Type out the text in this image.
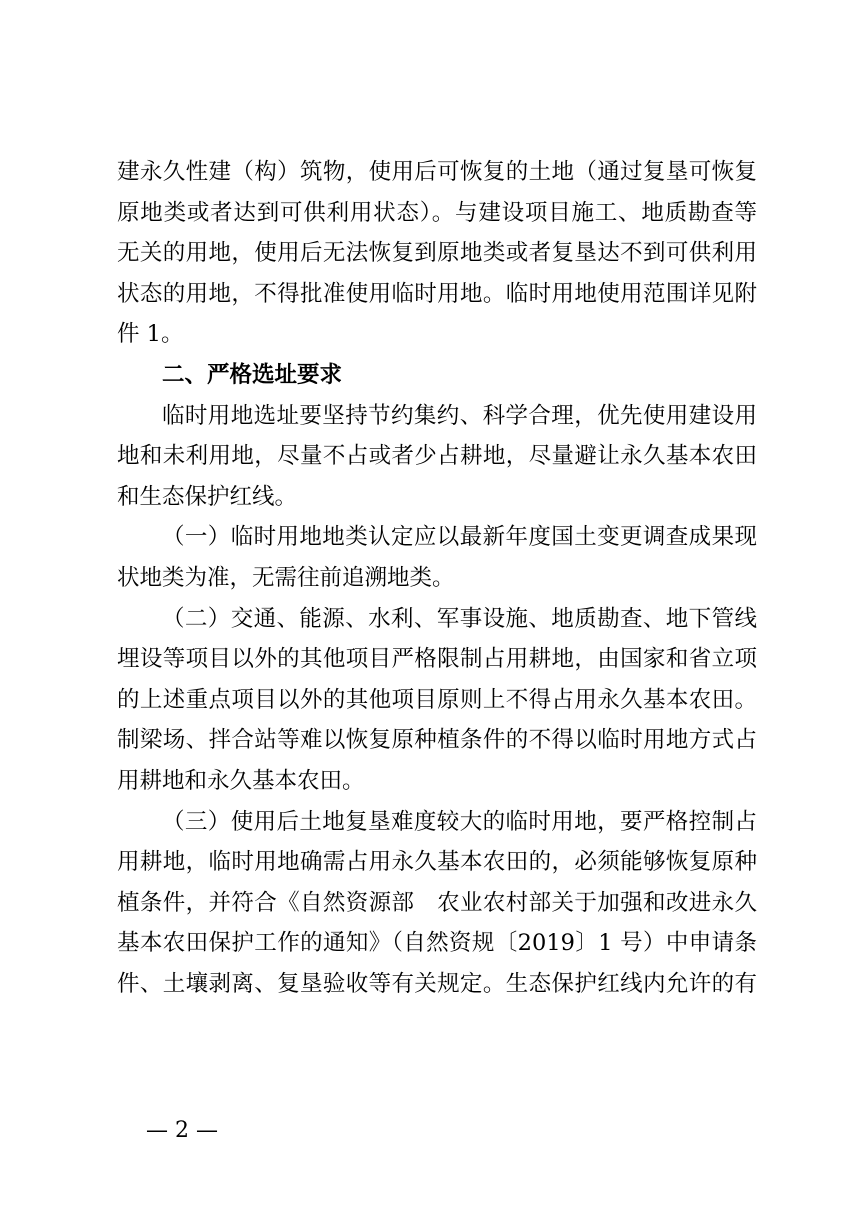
建永久性建（构）筑物，使用后可恢复的土地（通过复垦可恢复
原地类或者达到可供利用状态）。与建设项目施工、地质勘查等
无关的用地，使用后无法恢复到原地类或者复垦达不到可供利用
状态的用地，不得批准使用临时用地。临时用地使用范围详见附
件 1。
二、严格选址要求
临时用地选址要坚持节约集约、科学合理，优先使用建设用
地和未利用地，尽量不占或者少占耕地，尽量避让永久基本农田
和生态保护红线。
（一）临时用地地类认定应以最新年度国土变更调查成果现
状地类为准，无需往前追溯地类。
（二）交通、能源、水利、军事设施、地质勘查、地下管线
埋设等项目以外的其他项目严格限制占用耕地，由国家和省立项
的上述重点项目以外的其他项目原则上不得占用永久基本农田。
制梁场、拌合站等难以恢复原种植条件的不得以临时用地方式占
用耕地和永久基本农田。
（三）使用后土地复垦难度较大的临时用地，要严格控制占
用耕地，临时用地确需占用永久基本农田的，必须能够恢复原种
植条件，并符合《自然资源部　农业农村部关于加强和改进永久
基本农田保护工作的通知》（自然资规〔2019〕1 号）中申请条
件、土壤剥离、复垦验收等有关规定。生态保护红线内允许的有
— 2 —
